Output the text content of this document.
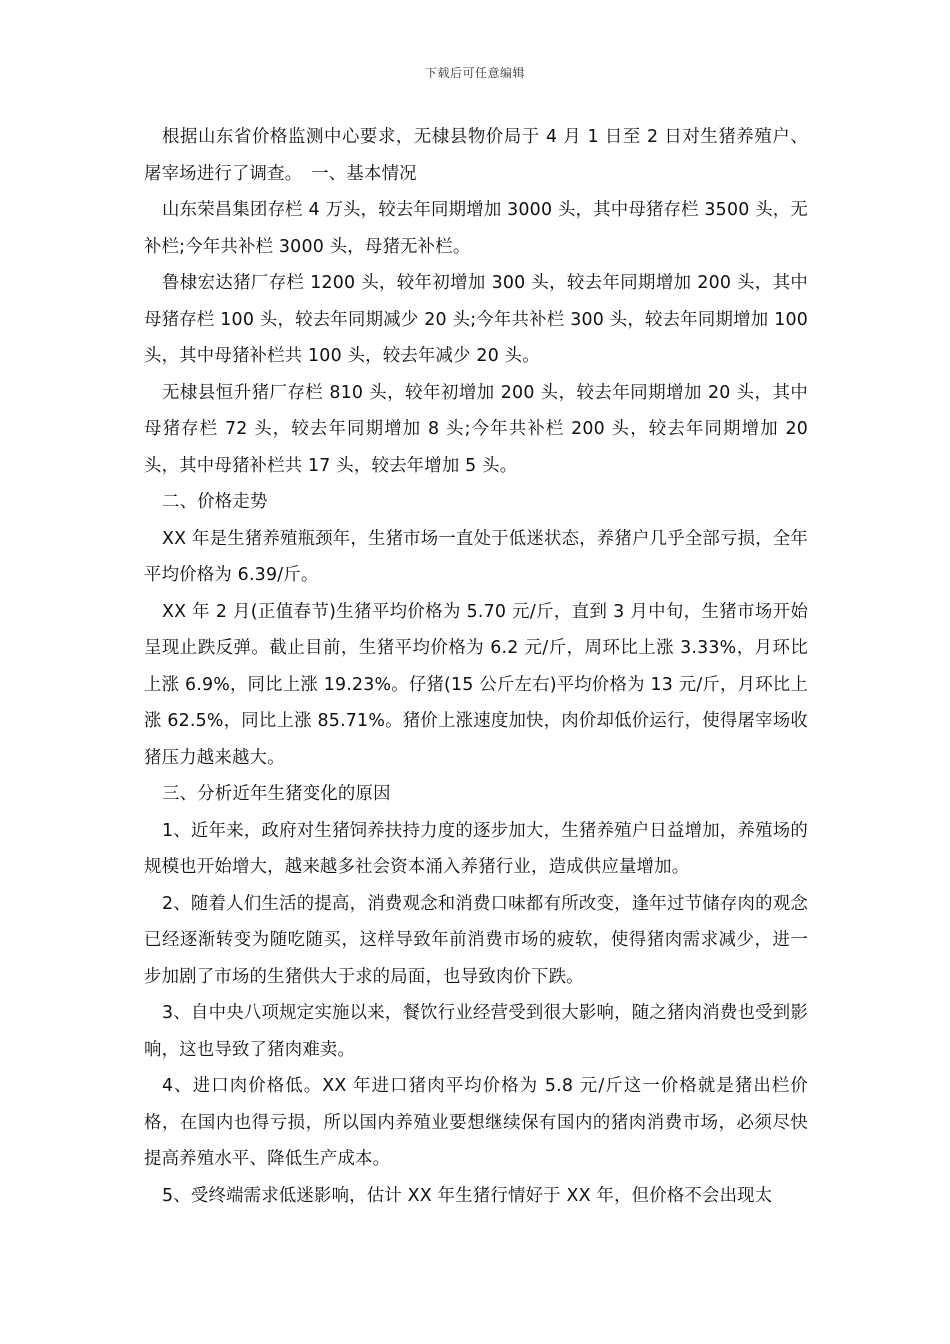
下载后可任意编辑

根据山东省价格监测中心要求，无棣县物价局于 4 月 1 日至 2 日对生猪养殖户、屠宰场进行了调查。　一、基本情况

山东荣昌集团存栏 4 万头，较去年同期增加 3000 头，其中母猪存栏 3500 头，无补栏;今年共补栏 3000 头，母猪无补栏。

鲁棣宏达猪厂存栏 1200 头，较年初增加 300 头，较去年同期增加 200 头，其中母猪存栏 100 头，较去年同期减少 20 头;今年共补栏 300 头，较去年同期增加 100 头，其中母猪补栏共 100 头，较去年减少 20 头。

无棣县恒升猪厂存栏 810 头，较年初增加 200 头，较去年同期增加 20 头，其中母猪存栏 72 头，较去年同期增加 8 头;今年共补栏 200 头，较去年同期增加 20 头，其中母猪补栏共 17 头，较去年增加 5 头。

二、价格走势

XX 年是生猪养殖瓶颈年，生猪市场一直处于低迷状态，养猪户几乎全部亏损，全年平均价格为 6.39/斤。

XX 年 2 月(正值春节)生猪平均价格为 5.70 元/斤，直到 3 月中旬，生猪市场开始呈现止跌反弹。截止目前，生猪平均价格为 6.2 元/斤，周环比上涨 3.33%，月环比上涨 6.9%，同比上涨 19.23%。仔猪(15 公斤左右)平均价格为 13 元/斤，月环比上涨 62.5%，同比上涨 85.71%。猪价上涨速度加快，肉价却低价运行，使得屠宰场收猪压力越来越大。

三、分析近年生猪变化的原因

1、近年来，政府对生猪饲养扶持力度的逐步加大，生猪养殖户日益增加，养殖场的规模也开始增大，越来越多社会资本涌入养猪行业，造成供应量增加。

2、随着人们生活的提高，消费观念和消费口味都有所改变，逢年过节储存肉的观念已经逐渐转变为随吃随买，这样导致年前消费市场的疲软，使得猪肉需求减少，进一步加剧了市场的生猪供大于求的局面，也导致肉价下跌。

3、自中央八项规定实施以来，餐饮行业经营受到很大影响，随之猪肉消费也受到影响，这也导致了猪肉难卖。

4、进口肉价格低。XX 年进口猪肉平均价格为 5.8 元/斤这一价格就是猪出栏价格，在国内也得亏损，所以国内养殖业要想继续保有国内的猪肉消费市场，必须尽快提高养殖水平、降低生产成本。

5、受终端需求低迷影响，估计 XX 年生猪行情好于 XX 年，但价格不会出现太
